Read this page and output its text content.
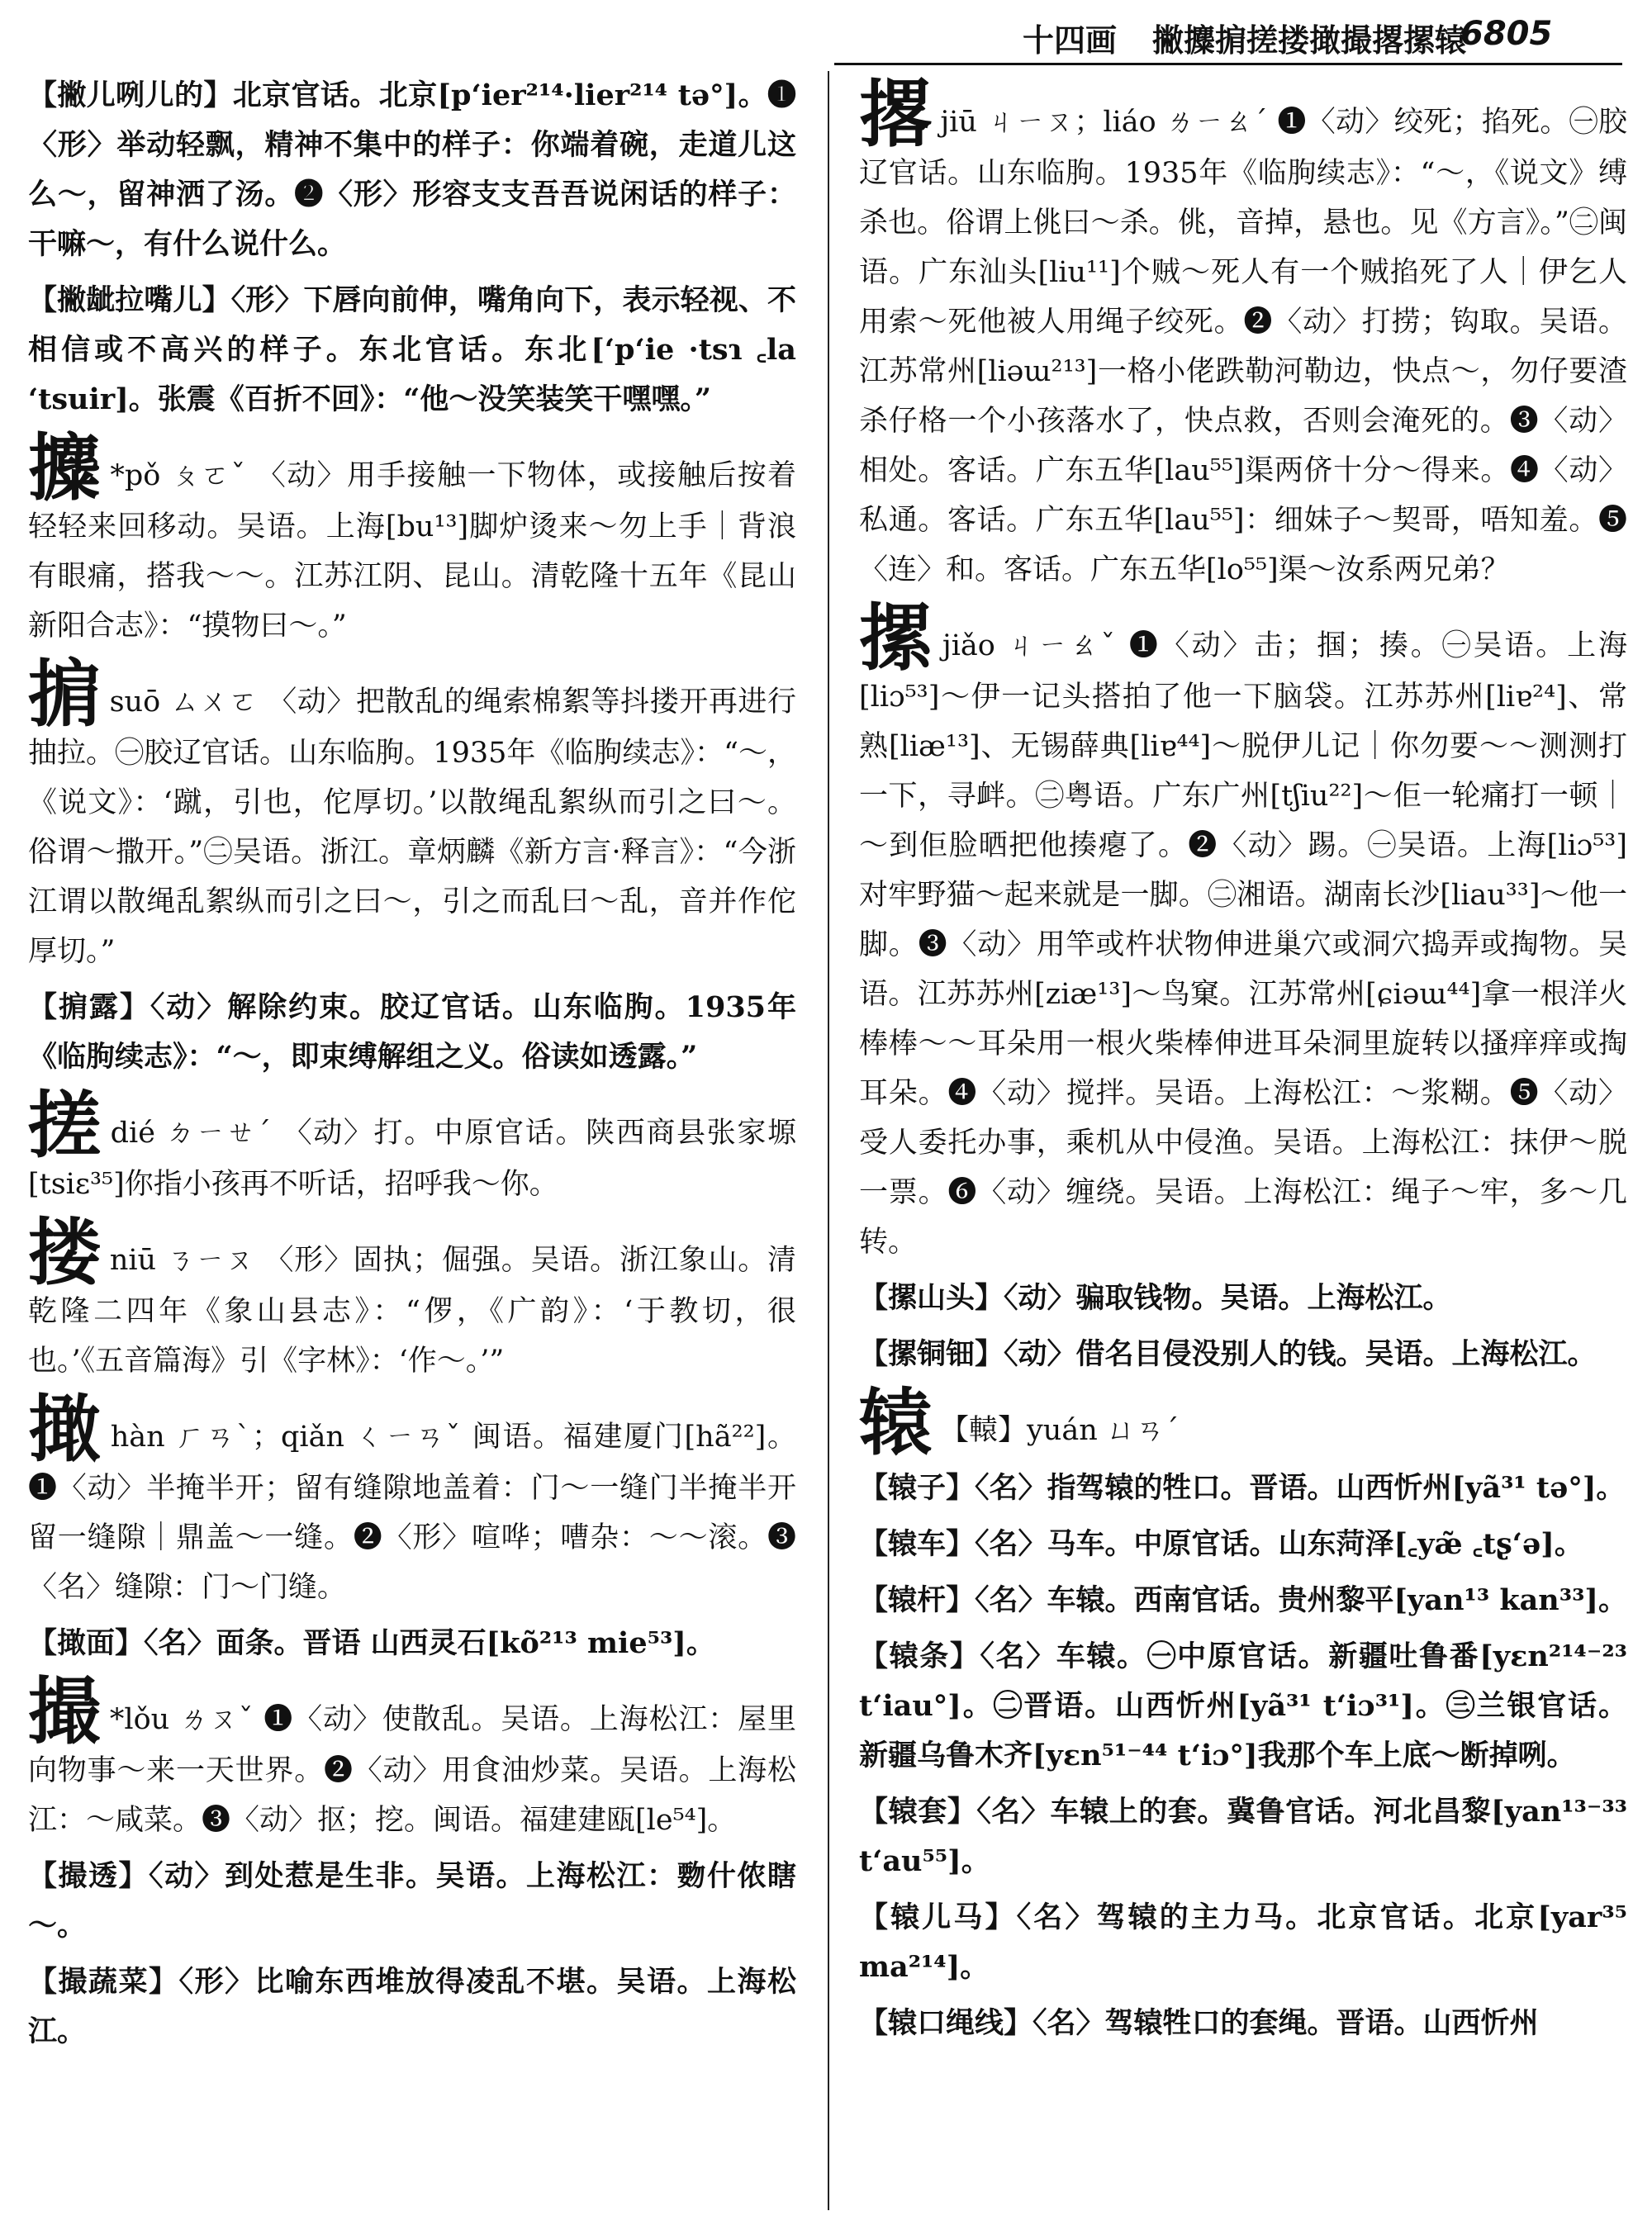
十四画 撇攗掮搓搂撖撮撂摞辕
6805
【撇儿咧儿的】北京官话。北京[pʻier²¹⁴·lier²¹⁴ tə°]。❶〈形〉举动轻飘，精神不集中的样子：你端着碗，走道儿这么～，留神洒了汤。❷〈形〉形容支支吾吾说闲话的样子：干嘛～，有什么说什么。
【撇龇拉嘴儿】〈形〉下唇向前伸，嘴角向下，表示轻视、不相信或不高兴的样子。东北官话。东北[ʻpʻie ·tsɿ ꜀la ʻtsuir]。张震《百折不回》：“他～没笑装笑干嘿嘿。”
攗 *pǒ ㄆㄛˇ 〈动〉用手接触一下物体，或接触后按着轻轻来回移动。吴语。上海[bu¹³]脚炉烫来～勿上手｜背浪有眼痛，搭我～～。江苏江阴、昆山。清乾隆十五年《昆山新阳合志》：“摸物曰～。”
掮suō ㄙㄨㄛ 〈动〉把散乱的绳索棉絮等抖搂开再进行抽拉。㊀胶辽官话。山东临朐。1935年《临朐续志》：“～，《说文》：‘蹴，引也，佗厚切。’以散绳乱絮纵而引之曰～。俗谓～撒开。”㊁吴语。浙江。章炳麟《新方言·释言》：“今浙江谓以散绳乱絮纵而引之曰～，引之而乱曰～乱，音并作佗厚切。”
【掮露】〈动〉解除约束。胶辽官话。山东临朐。1935年《临朐续志》：“～，即束缚解组之义。俗读如透露。”
搓dié ㄉㄧㄝˊ 〈动〉打。中原官话。陕西商县张家塬[tsiɛ³⁵]你指小孩再不听话，招呼我～你。
搂niū ㄋㄧㄡ 〈形〉固执；倔强。吴语。浙江象山。清乾隆二四年《象山县志》：“㑩，《广韵》：‘于教切，很也。’《五音篇海》引《字林》：‘作～。’”
撖hàn ㄏㄢˋ；qiǎn ㄑㄧㄢˇ 闽语。福建厦门[hã²²]。❶〈动〉半掩半开；留有缝隙地盖着：门～一缝门半掩半开留一缝隙｜鼎盖～一缝。❷〈形〉喧哗；嘈杂：～～滚。❸〈名〉缝隙：门～门缝。
【撖面】〈名〉面条。晋语 山西灵石[kõ²¹³ mie⁵³]。
撮 *lǒu ㄌㄡˇ ❶〈动〉使散乱。吴语。上海松江：屋里向物事～来一天世界。❷〈动〉用食油炒菜。吴语。上海松江：～咸菜。❸〈动〉抠；挖。闽语。福建建瓯[le⁵⁴]。
【撮透】〈动〉到处惹是生非。吴语。上海松江：覅什侬瞎～。
【撮蔬菜】〈形〉比喻东西堆放得凌乱不堪。吴语。上海松江。
撂jiū ㄐㄧㄡ；liáo ㄌㄧㄠˊ ❶〈动〉绞死；掐死。㊀胶辽官话。山东临朐。1935年《临朐续志》：“～，《说文》缚杀也。俗谓上佻曰～杀。佻，音掉，悬也。见《方言》。”㊁闽语。广东汕头[liu¹¹]个贼～死人有一个贼掐死了人｜伊乞人用索～死他被人用绳子绞死。❷〈动〉打捞；钩取。吴语。江苏常州[liəɯ²¹³]一格小佬跌勒河勒边，快点～，勿仔要渣杀仔格一个小孩落水了，快点救，否则会淹死的。❸〈动〉相处。客话。广东五华[lau⁵⁵]渠两侪十分～得来。❹〈动〉私通。客话。广东五华[lau⁵⁵]：细妹子～契哥，唔知羞。❺〈连〉和。客话。广东五华[lo⁵⁵]渠～汝系两兄弟？
摞jiǎo ㄐㄧㄠˇ ❶〈动〉击；掴；揍。㊀吴语。上海[liɔ⁵³]～伊一记头搭拍了他一下脑袋。江苏苏州[liɐ²⁴]、常熟[liæ¹³]、无锡薛典[liɐ⁴⁴]～脱伊儿记｜你勿要～～测测打一下，寻衅。㊁粤语。广东广州[tʃiu²²]～佢一轮痛打一顿｜～到佢脸晒把他揍瘪了。❷〈动〉踢。㊀吴语。上海[liɔ⁵³]对牢野猫～起来就是一脚。㊁湘语。湖南长沙[liau³³]～他一脚。❸〈动〉用竿或杵状物伸进巢穴或洞穴捣弄或掏物。吴语。江苏苏州[ziæ¹³]～鸟窠。江苏常州[ɕiəɯ⁴⁴]拿一根洋火棒棒～～耳朵用一根火柴棒伸进耳朵洞里旋转以搔痒痒或掏耳朵。❹〈动〉搅拌。吴语。上海松江：～浆糊。❺〈动〉受人委托办事，乘机从中侵渔。吴语。上海松江：抹伊～脱一票。❻〈动〉缠绕。吴语。上海松江：绳子～牢，多～几转。
【摞山头】〈动〉骗取钱物。吴语。上海松江。
【摞铜钿】〈动〉借名目侵没别人的钱。吴语。上海松江。
辕 【轅】yuán ㄩㄢˊ
【辕子】〈名〉指驾辕的牲口。晋语。山西忻州[yã³¹ tə°]。
【辕车】〈名〉马车。中原官话。山东菏泽[꜀yæ̃ ꜀tʂʻə]。
【辕杆】〈名〉车辕。西南官话。贵州黎平[yan¹³ kan³³]。
【辕条】〈名〉车辕。㊀中原官话。新疆吐鲁番[yɛn²¹⁴⁻²³ tʻiau°]。㊁晋语。山西忻州[yã³¹ tʻiɔ³¹]。㊂兰银官话。新疆乌鲁木齐[yɛn⁵¹⁻⁴⁴ tʻiɔ°]我那个车上底～断掉咧。
【辕套】〈名〉车辕上的套。冀鲁官话。河北昌黎[yan¹³⁻³³ tʻau⁵⁵]。
【辕儿马】〈名〉驾辕的主力马。北京官话。北京[yar³⁵ ma²¹⁴]。
【辕口绳线】〈名〉驾辕牲口的套绳。晋语。山西忻州
